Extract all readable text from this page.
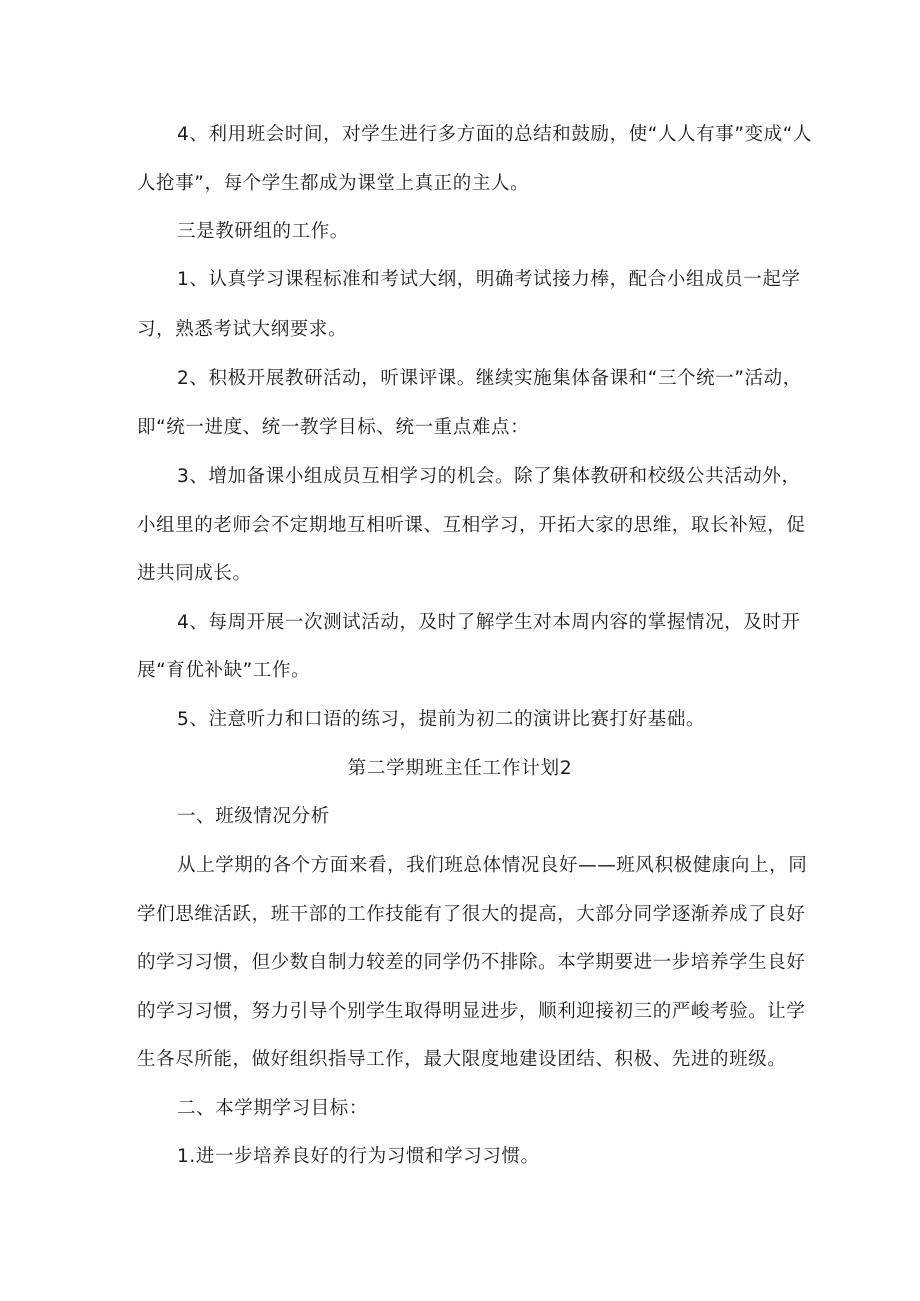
4、利用班会时间，对学生进行多方面的总结和鼓励，使“人人有事”变成“人
人抢事”，每个学生都成为课堂上真正的主人。
三是教研组的工作。
1、认真学习课程标准和考试大纲，明确考试接力棒，配合小组成员一起学
习，熟悉考试大纲要求。
2、积极开展教研活动，听课评课。继续实施集体备课和“三个统一”活动，
即“统一进度、统一教学目标、统一重点难点：
3、增加备课小组成员互相学习的机会。除了集体教研和校级公共活动外，
小组里的老师会不定期地互相听课、互相学习，开拓大家的思维，取长补短，促
进共同成长。
4、每周开展一次测试活动，及时了解学生对本周内容的掌握情况，及时开
展“育优补缺”工作。
5、注意听力和口语的练习，提前为初二的演讲比赛打好基础。
第二学期班主任工作计划2
一、班级情况分析
从上学期的各个方面来看，我们班总体情况良好——班风积极健康向上，同
学们思维活跃，班干部的工作技能有了很大的提高，大部分同学逐渐养成了良好
的学习习惯，但少数自制力较差的同学仍不排除。本学期要进一步培养学生良好
的学习习惯，努力引导个别学生取得明显进步，顺利迎接初三的严峻考验。让学
生各尽所能，做好组织指导工作，最大限度地建设团结、积极、先进的班级。
二、本学期学习目标：
1.进一步培养良好的行为习惯和学习习惯。
